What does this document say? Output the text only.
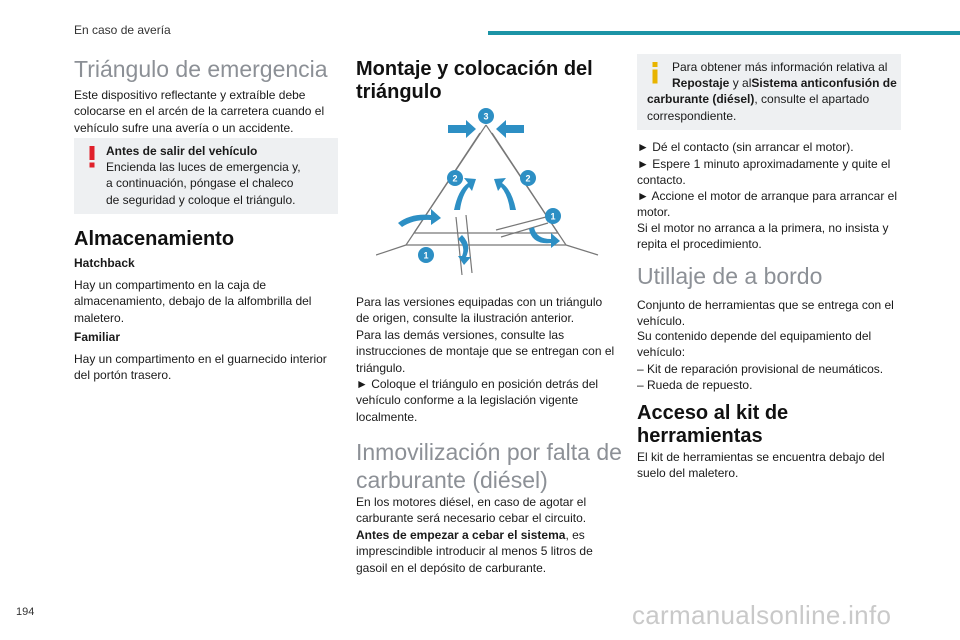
En caso de avería
Triángulo de emergencia

Este dispositivo reflectante y extraíble debe colocarse en el arcén de la carretera cuando el vehículo sufre una avería o un accidente.

Antes de salir del vehículo

Encienda las luces de emergencia y, a continuación, póngase el chaleco de seguridad y coloque el triángulo.

Almacenamiento

Hatchback

Hay un compartimento en la caja de almacenamiento, debajo de la alfombrilla del maletero.

Familiar

Hay un compartimento en el guarnecido interior del portón trasero.

Montaje y colocación del triángulo
3
2	2
1
1

Para las versiones equipadas con un triángulo de origen, consulte la ilustración anterior.

Para las demás versiones, consulte las instrucciones de montaje que se entregan con el triángulo.

► Coloque el triángulo en posición detrás del vehículo conforme a la legislación vigente localmente.

Inmovilización por falta de carburante (diésel)

En los motores diésel, en caso de agotar el carburante será necesario cebar el circuito.

Antes de empezar a cebar el sistema, es imprescindible introducir al menos 5 litros de gasoil en el depósito de carburante.

Para obtener más información relativa al

Repostaje y al Sistema anticonfusión de carburante (diésel), consulte el apartado correspondiente.

► Dé el contacto (sin arrancar el motor).

► Espere 1 minuto aproximadamente y quite el contacto.

► Accione el motor de arranque para arrancar el motor.

Si el motor no arranca a la primera, no insista y repita el procedimiento.

Utillaje de a bordo

Conjunto de herramientas que se entrega con el vehículo.

Su contenido depende del equipamiento del vehículo:

– Kit de reparación provisional de neumáticos.

– Rueda de repuesto.

Acceso al kit de herramientas

El kit de herramientas se encuentra debajo del suelo del maletero.

194	carmanualsonline.info
